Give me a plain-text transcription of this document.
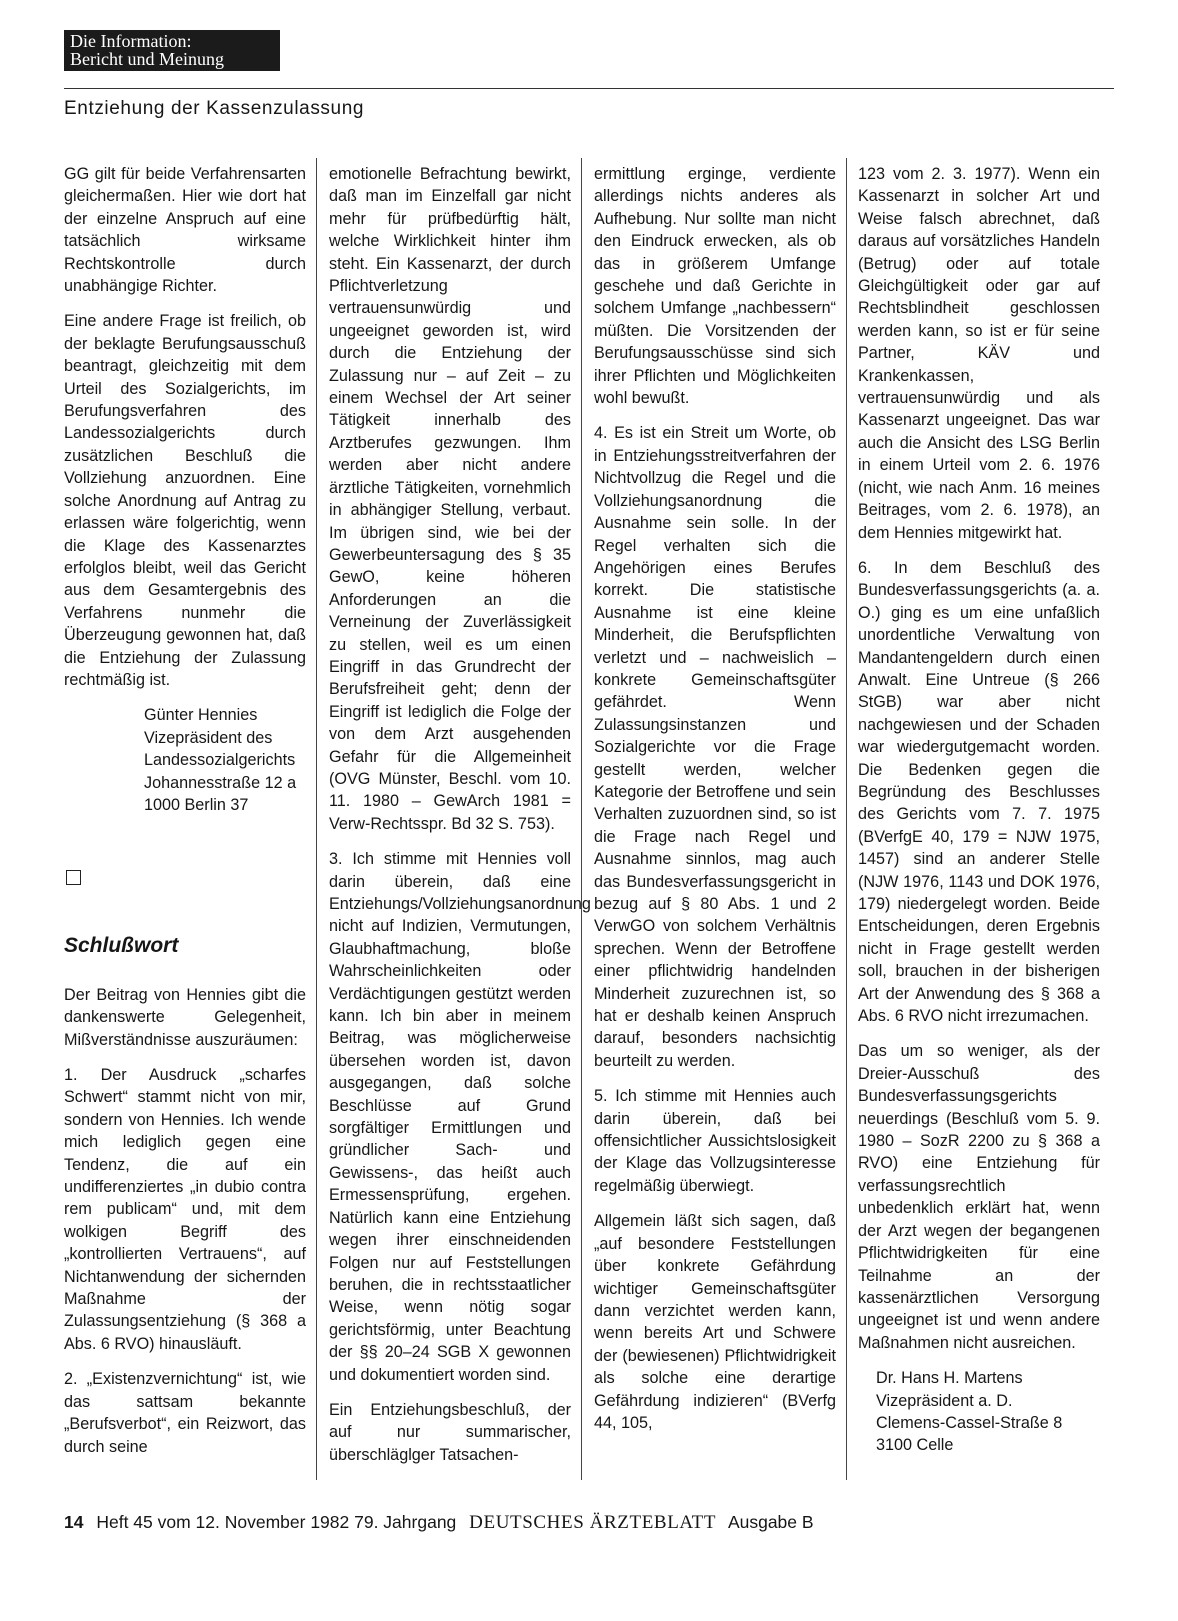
Die Information:
Bericht und Meinung
Entziehung der Kassenzulassung

GG gilt für beide Verfahrensarten gleichermaßen. Hier wie dort hat der einzelne Anspruch auf eine tatsächlich wirksame Rechtskontrolle durch unabhängige Richter.

Eine andere Frage ist freilich, ob der beklagte Berufungsausschuß beantragt, gleichzeitig mit dem Urteil des Sozialgerichts, im Berufungsverfahren des Landessozialgerichts durch zusätzlichen Beschluß die Vollziehung anzuordnen. Eine solche Anordnung auf Antrag zu erlassen wäre folgerichtig, wenn die Klage des Kassenarztes erfolglos bleibt, weil das Gericht aus dem Gesamtergebnis des Verfahrens nunmehr die Überzeugung gewonnen hat, daß die Entziehung der Zulassung rechtmäßig ist.

Günter Hennies
Vizepräsident des
Landessozialgerichts
Johannesstraße 12 a
1000 Berlin 37
Schlußwort

Der Beitrag von Hennies gibt die dankenswerte Gelegenheit, Mißverständnisse auszuräumen:

1. Der Ausdruck „scharfes Schwert“ stammt nicht von mir, sondern von Hennies. Ich wende mich lediglich gegen eine Tendenz, die auf ein undifferenziertes „in dubio contra rem publicam“ und, mit dem wolkigen Begriff des „kontrollierten Vertrauens“, auf Nichtanwendung der sichernden Maßnahme der Zulassungsentziehung (§ 368 a Abs. 6 RVO) hinausläuft.

2. „Existenzvernichtung“ ist, wie das sattsam bekannte „Berufsverbot“, ein Reizwort, das durch seine

emotionelle Befrachtung bewirkt, daß man im Einzelfall gar nicht mehr für prüfbedürftig hält, welche Wirklichkeit hinter ihm steht. Ein Kassenarzt, der durch Pflichtverletzung vertrauensunwürdig und ungeeignet geworden ist, wird durch die Entziehung der Zulassung nur – auf Zeit – zu einem Wechsel der Art seiner Tätigkeit innerhalb des Arztberufes gezwungen. Ihm werden aber nicht andere ärztliche Tätigkeiten, vornehmlich in abhängiger Stellung, verbaut. Im übrigen sind, wie bei der Gewerbeuntersagung des § 35 GewO, keine höheren Anforderungen an die Verneinung der Zuverlässigkeit zu stellen, weil es um einen Eingriff in das Grundrecht der Berufsfreiheit geht; denn der Eingriff ist lediglich die Folge der von dem Arzt ausgehenden Gefahr für die Allgemeinheit (OVG Münster, Beschl. vom 10. 11. 1980 – GewArch 1981 = Verw-Rechtsspr. Bd 32 S. 753).

3. Ich stimme mit Hennies voll darin überein, daß eine Entziehungs/Vollziehungsanordnung nicht auf Indizien, Vermutungen, Glaubhaftmachung, bloße Wahrscheinlichkeiten oder Verdächtigungen gestützt werden kann. Ich bin aber in meinem Beitrag, was möglicherweise übersehen worden ist, davon ausgegangen, daß solche Beschlüsse auf Grund sorgfältiger Ermittlungen und gründlicher Sach- und Gewissens-, das heißt auch Ermessensprüfung, ergehen. Natürlich kann eine Entziehung wegen ihrer einschneidenden Folgen nur auf Feststellungen beruhen, die in rechtsstaatlicher Weise, wenn nötig sogar gerichtsförmig, unter Beachtung der §§ 20–24 SGB X gewonnen und dokumentiert worden sind.

Ein Entziehungsbeschluß, der auf nur summarischer, überschläglger Tatsachen-

ermittlung erginge, verdiente allerdings nichts anderes als Aufhebung. Nur sollte man nicht den Eindruck erwecken, als ob das in größerem Umfange geschehe und daß Gerichte in solchem Umfange „nachbessern“ müßten. Die Vorsitzenden der Berufungsausschüsse sind sich ihrer Pflichten und Möglichkeiten wohl bewußt.

4. Es ist ein Streit um Worte, ob in Entziehungsstreitverfahren der Nichtvollzug die Regel und die Vollziehungsanordnung die Ausnahme sein solle. In der Regel verhalten sich die Angehörigen eines Berufes korrekt. Die statistische Ausnahme ist eine kleine Minderheit, die Berufspflichten verletzt und – nachweislich – konkrete Gemeinschaftsgüter gefährdet. Wenn Zulassungsinstanzen und Sozialgerichte vor die Frage gestellt werden, welcher Kategorie der Betroffene und sein Verhalten zuzuordnen sind, so ist die Frage nach Regel und Ausnahme sinnlos, mag auch das Bundesverfassungsgericht in bezug auf § 80 Abs. 1 und 2 VerwGO von solchem Verhältnis sprechen. Wenn der Betroffene einer pflichtwidrig handelnden Minderheit zuzurechnen ist, so hat er deshalb keinen Anspruch darauf, besonders nachsichtig beurteilt zu werden.

5. Ich stimme mit Hennies auch darin überein, daß bei offensichtlicher Aussichtslosigkeit der Klage das Vollzugsinteresse regelmäßig überwiegt.

Allgemein läßt sich sagen, daß „auf besondere Feststellungen über konkrete Gefährdung wichtiger Gemeinschaftsgüter dann verzichtet werden kann, wenn bereits Art und Schwere der (bewiesenen) Pflichtwidrigkeit als solche eine derartige Gefährdung indizieren“ (BVerfg 44, 105,

123 vom 2. 3. 1977). Wenn ein Kassenarzt in solcher Art und Weise falsch abrechnet, daß daraus auf vorsätzliches Handeln (Betrug) oder auf totale Gleichgültigkeit oder gar auf Rechtsblindheit geschlossen werden kann, so ist er für seine Partner, KÄV und Krankenkassen, vertrauensunwürdig und als Kassenarzt ungeeignet. Das war auch die Ansicht des LSG Berlin in einem Urteil vom 2. 6. 1976 (nicht, wie nach Anm. 16 meines Beitrages, vom 2. 6. 1978), an dem Hennies mitgewirkt hat.

6. In dem Beschluß des Bundesverfassungsgerichts (a. a. O.) ging es um eine unfaßlich unordentliche Verwaltung von Mandantengeldern durch einen Anwalt. Eine Untreue (§ 266 StGB) war aber nicht nachgewiesen und der Schaden war wiedergutgemacht worden. Die Bedenken gegen die Begründung des Beschlusses des Gerichts vom 7. 7. 1975 (BVerfgE 40, 179 = NJW 1975, 1457) sind an anderer Stelle (NJW 1976, 1143 und DOK 1976, 179) niedergelegt worden. Beide Entscheidungen, deren Ergebnis nicht in Frage gestellt werden soll, brauchen in der bisherigen Art der Anwendung des § 368 a Abs. 6 RVO nicht irrezumachen.

Das um so weniger, als der Dreier-Ausschuß des Bundesverfassungsgerichts neuerdings (Beschluß vom 5. 9. 1980 – SozR 2200 zu § 368 a RVO) eine Entziehung für verfassungsrechtlich unbedenklich erklärt hat, wenn der Arzt wegen der begangenen Pflichtwidrigkeiten für eine Teilnahme an der kassenärztlichen Versorgung ungeeignet ist und wenn andere Maßnahmen nicht ausreichen.

Dr. Hans H. Martens
Vizepräsident a. D.
Clemens-Cassel-Straße 8
3100 Celle
14 Heft 45 vom 12. November 1982 79. Jahrgang DEUTSCHES ÄRZTEBLATT Ausgabe B
